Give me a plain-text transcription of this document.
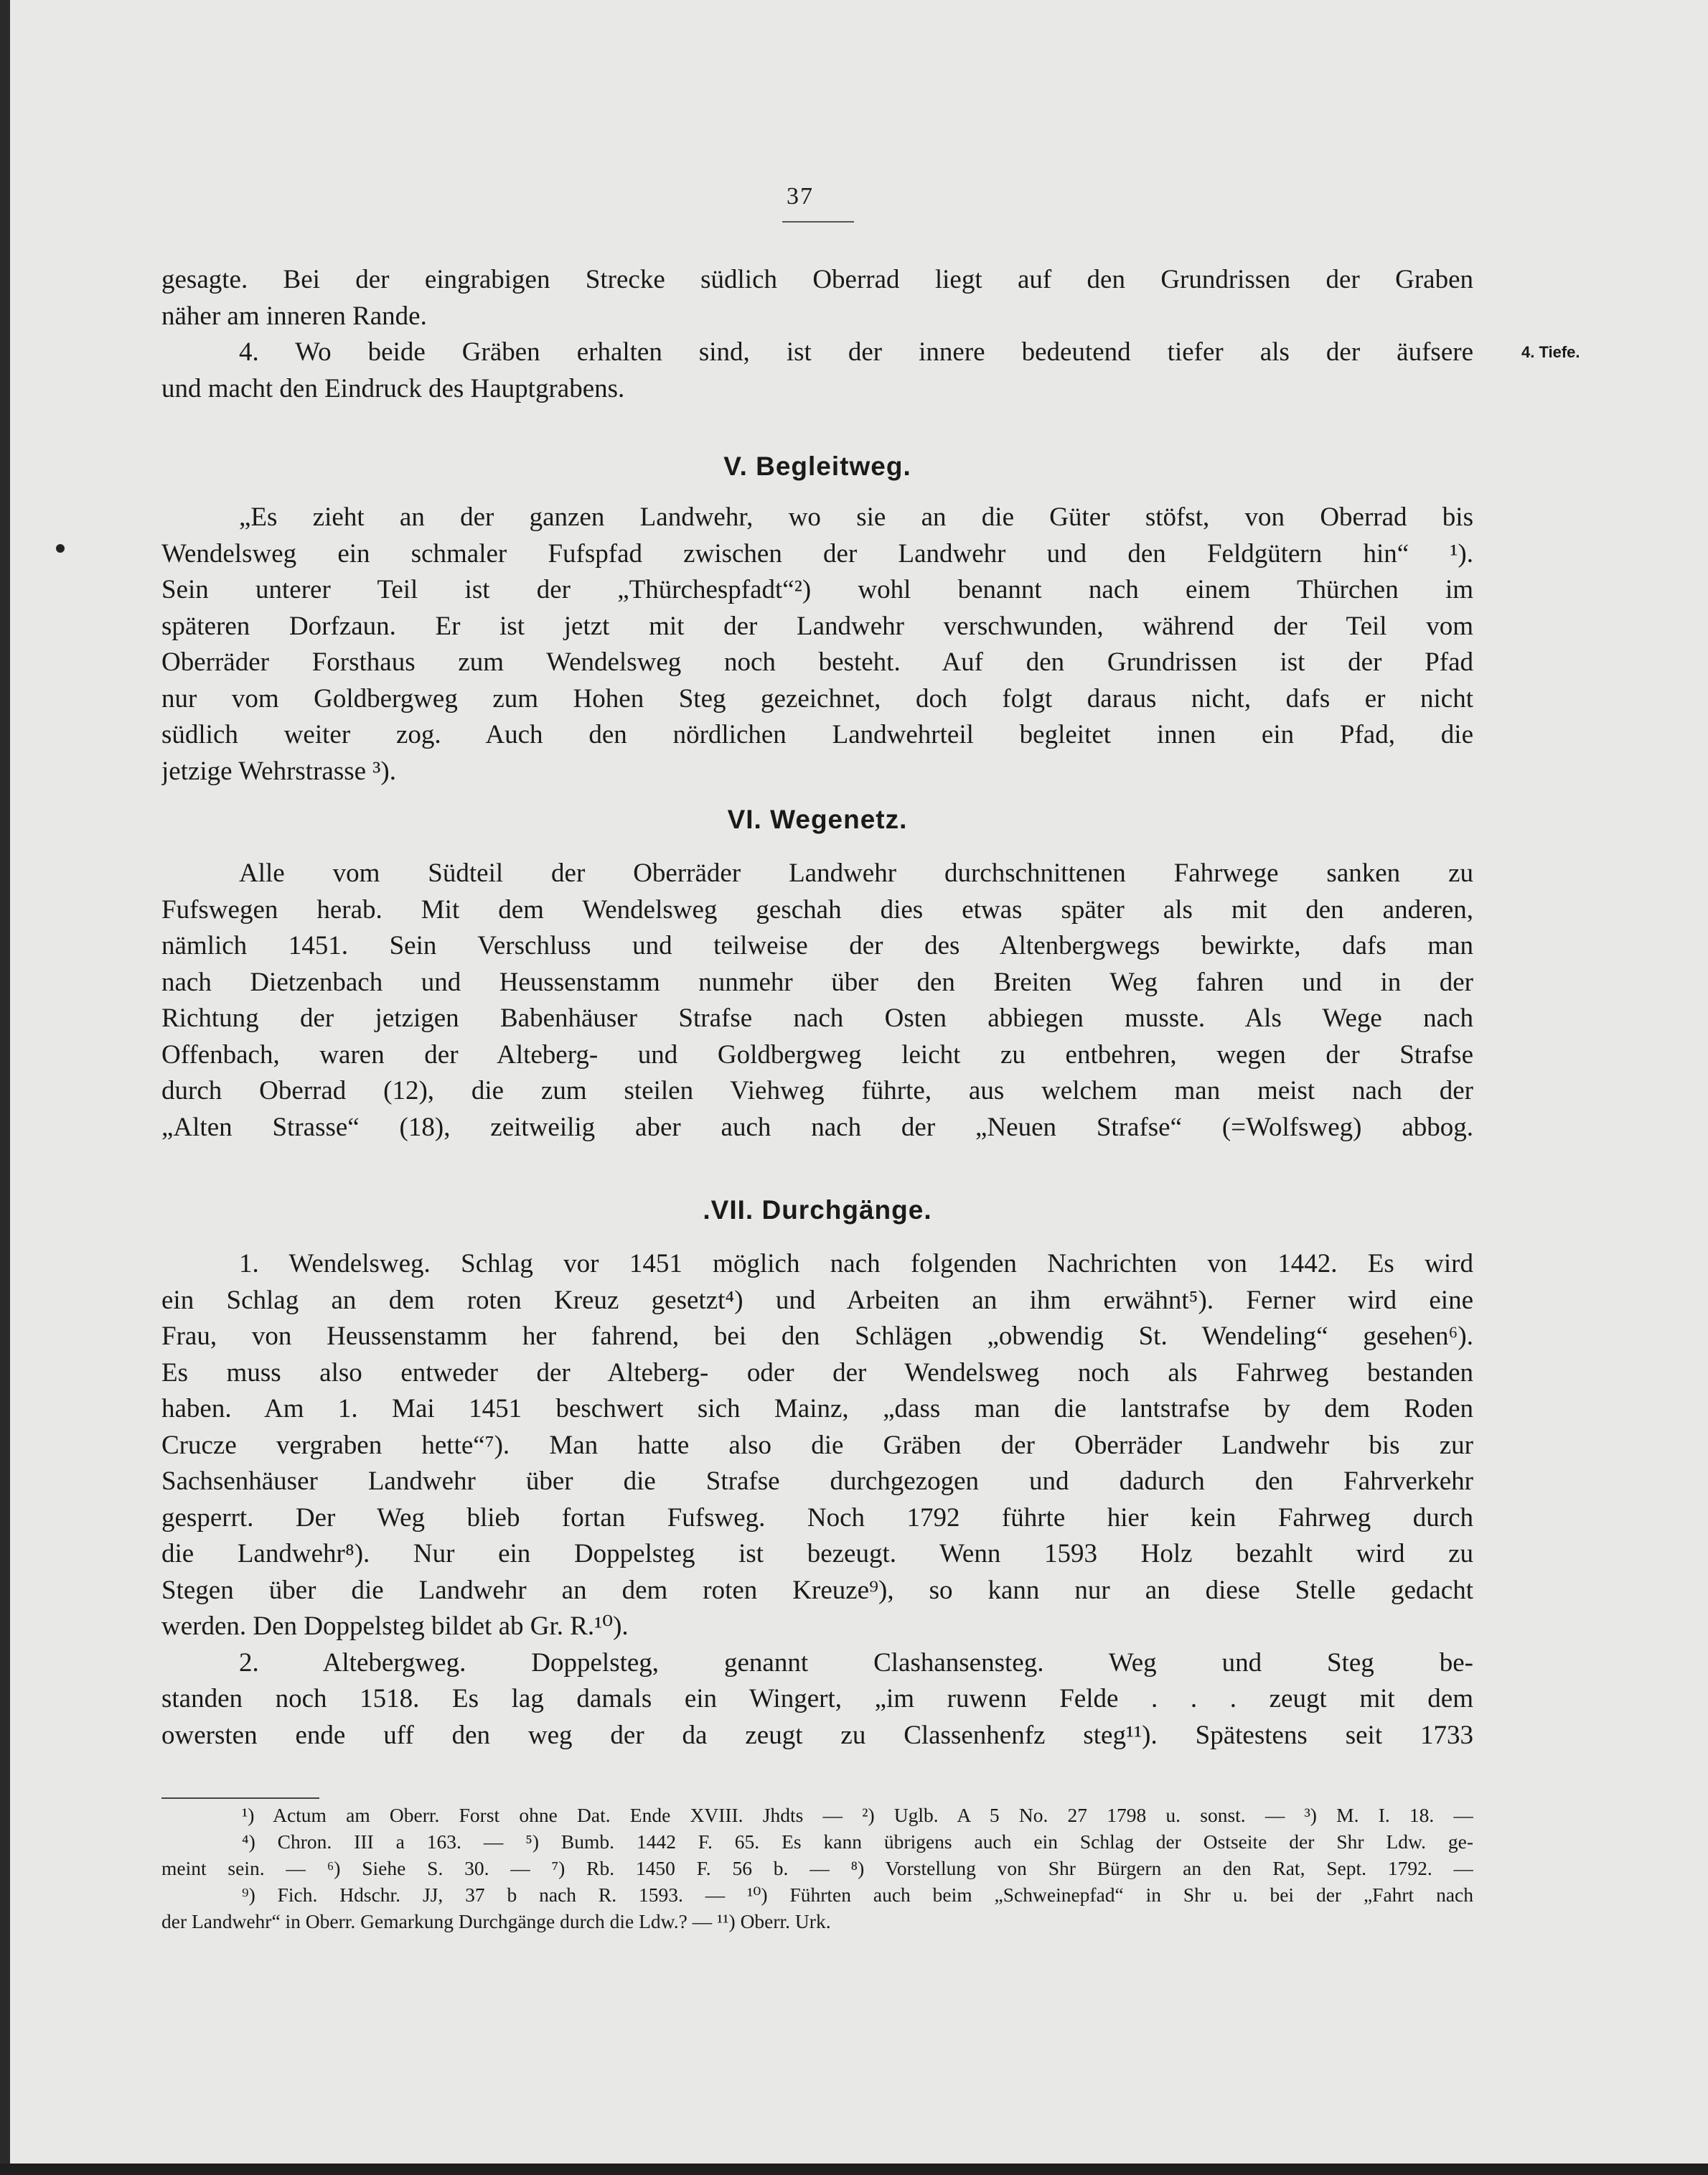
37
4. Tiefe.
gesagte. Bei der eingrabigen Strecke südlich Oberrad liegt auf den Grundrissen der Graben
näher am inneren Rande.
4. Wo beide Gräben erhalten sind, ist der innere bedeutend tiefer als der äufsere
und macht den Eindruck des Hauptgrabens.
V. Begleitweg.
„Es zieht an der ganzen Landwehr, wo sie an die Güter stöfst, von Oberrad bis
Wendelsweg ein schmaler Fufspfad zwischen der Landwehr und den Feldgütern hin“ ¹).
Sein unterer Teil ist der „Thürchespfadt“²) wohl benannt nach einem Thürchen im
späteren Dorfzaun. Er ist jetzt mit der Landwehr verschwunden, während der Teil vom
Oberräder Forsthaus zum Wendelsweg noch besteht. Auf den Grundrissen ist der Pfad
nur vom Goldbergweg zum Hohen Steg gezeichnet, doch folgt daraus nicht, dafs er nicht
südlich weiter zog. Auch den nördlichen Landwehrteil begleitet innen ein Pfad, die
jetzige Wehrstrasse ³).
VI. Wegenetz.
Alle vom Südteil der Oberräder Landwehr durchschnittenen Fahrwege sanken zu
Fufswegen herab. Mit dem Wendelsweg geschah dies etwas später als mit den anderen,
nämlich 1451. Sein Verschluss und teilweise der des Altenbergwegs bewirkte, dafs man
nach Dietzenbach und Heussenstamm nunmehr über den Breiten Weg fahren und in der
Richtung der jetzigen Babenhäuser Strafse nach Osten abbiegen musste. Als Wege nach
Offenbach, waren der Alteberg- und Goldbergweg leicht zu entbehren, wegen der Strafse
durch Oberrad (12), die zum steilen Viehweg führte, aus welchem man meist nach der
„Alten Strasse“ (18), zeitweilig aber auch nach der „Neuen Strafse“ (=Wolfsweg) abbog.
.VII. Durchgänge.
1. Wendelsweg. Schlag vor 1451 möglich nach folgenden Nachrichten von 1442. Es wird
ein Schlag an dem roten Kreuz gesetzt⁴) und Arbeiten an ihm erwähnt⁵). Ferner wird eine
Frau, von Heussenstamm her fahrend, bei den Schlägen „obwendig St. Wendeling“ gesehen⁶).
Es muss also entweder der Alteberg- oder der Wendelsweg noch als Fahrweg bestanden
haben. Am 1. Mai 1451 beschwert sich Mainz, „dass man die lantstrafse by dem Roden
Crucze vergraben hette“⁷). Man hatte also die Gräben der Oberräder Landwehr bis zur
Sachsenhäuser Landwehr über die Strafse durchgezogen und dadurch den Fahrverkehr
gesperrt. Der Weg blieb fortan Fufsweg. Noch 1792 führte hier kein Fahrweg durch
die Landwehr⁸). Nur ein Doppelsteg ist bezeugt. Wenn 1593 Holz bezahlt wird zu
Stegen über die Landwehr an dem roten Kreuze⁹), so kann nur an diese Stelle gedacht
werden. Den Doppelsteg bildet ab Gr. R.¹⁰).
2. Altebergweg. Doppelsteg, genannt Clashansensteg. Weg und Steg be-
standen noch 1518. Es lag damals ein Wingert, „im ruwenn Felde . . . zeugt mit dem
owersten ende uff den weg der da zeugt zu Classenhenfz steg¹¹). Spätestens seit 1733
¹) Actum am Oberr. Forst ohne Dat. Ende XVIII. Jhdts — ²) Uglb. A 5 No. 27 1798 u. sonst. — ³) M. I. 18. —
⁴) Chron. III a 163. — ⁵) Bumb. 1442 F. 65. Es kann übrigens auch ein Schlag der Ostseite der Shr Ldw. ge-
meint sein. — ⁶) Siehe S. 30. — ⁷) Rb. 1450 F. 56 b. — ⁸) Vorstellung von Shr Bürgern an den Rat, Sept. 1792. —
⁹) Fich. Hdschr. JJ, 37 b nach R. 1593. — ¹⁰) Führten auch beim „Schweinepfad“ in Shr u. bei der „Fahrt nach
der Landwehr“ in Oberr. Gemarkung Durchgänge durch die Ldw.? — ¹¹) Oberr. Urk.
